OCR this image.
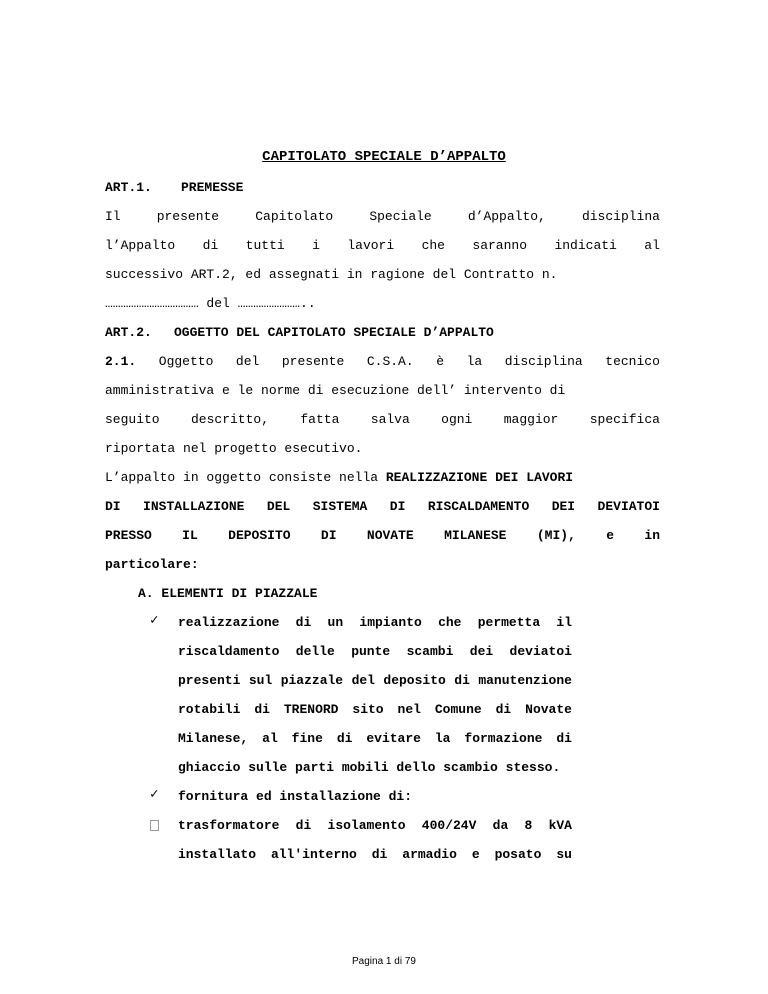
CAPITOLATO SPECIALE D’APPALTO
ART.1. PREMESSE
Il	presente	Capitolato	Speciale	d’Appalto,	disciplina
l’Appalto di tutti i lavori che saranno indicati al
successivo ART.2, ed assegnati in ragione del Contratto n.
……………………………… del ……………………..
ART.2. OGGETTO DEL CAPITOLATO SPECIALE D’APPALTO
2.1. Oggetto del presente C.S.A. è la disciplina tecnico
amministrativa e le norme di esecuzione dell’ intervento di
seguito descritto, fatta salva ogni maggior specifica
riportata nel progetto esecutivo.
L’appalto in oggetto consiste nella REALIZZAZIONE DEI LAVORI
DI INSTALLAZIONE DEL SISTEMA DI RISCALDAMENTO DEI DEVIATOI
PRESSO IL DEPOSITO DI NOVATE MILANESE (MI), e in
particolare:
A. ELEMENTI DI PIAZZALE
✓ realizzazione di un impianto che permetta il
riscaldamento delle punte scambi dei deviatoi
presenti sul piazzale del deposito di manutenzione
rotabili di TRENORD sito nel Comune di Novate
Milanese, al fine di evitare la formazione di
ghiaccio sulle parti mobili dello scambio stesso.
✓ fornitura ed installazione di:
trasformatore di isolamento 400/24V da 8 kVA
installato all'interno di armadio e posato su
Pagina 1 di 79
